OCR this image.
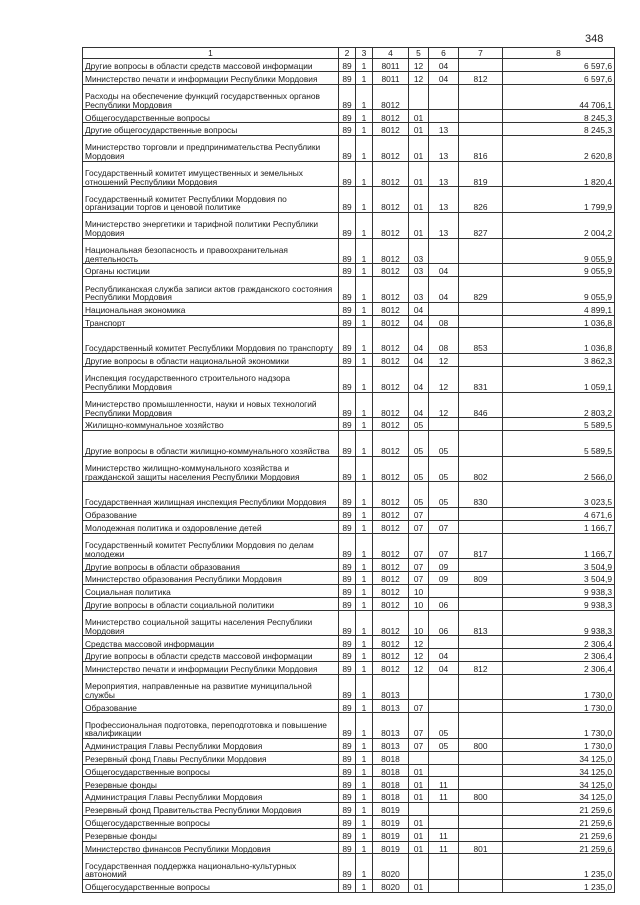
348
1	2	3	4	5	6	7	8
Другие вопросы в области средств массовой информации	89	1	8011	12	04		6 597,6
Министерство печати и информации Республики Мордовия	89	1	8011	12	04	812	6 597,6
Расходы на обеспечение функций государственных органов Республики Мордовия	89	1	8012				44 706,1
Общегосударственные вопросы	89	1	8012	01			8 245,3
Другие общегосударственные вопросы	89	1	8012	01	13		8 245,3
Министерство торговли и предпринимательства Республики Мордовия	89	1	8012	01	13	816	2 620,8
Государственный комитет имущественных и земельных отношений Республики Мордовия	89	1	8012	01	13	819	1 820,4
Государственный комитет Республики Мордовия по организации торгов и ценовой политике	89	1	8012	01	13	826	1 799,9
Министерство энергетики и тарифной политики Республики Мордовия	89	1	8012	01	13	827	2 004,2
Национальная безопасность и правоохранительная деятельность	89	1	8012	03			9 055,9
Органы юстиции	89	1	8012	03	04		9 055,9
Республиканская служба записи актов гражданского состояния Республики Мордовия	89	1	8012	03	04	829	9 055,9
Национальная экономика	89	1	8012	04			4 899,1
Транспорт	89	1	8012	04	08		1 036,8
Государственный комитет Республики Мордовия по транспорту	89	1	8012	04	08	853	1 036,8
Другие вопросы в области национальной экономики	89	1	8012	04	12		3 862,3
Инспекция государственного строительного надзора Республики Мордовия	89	1	8012	04	12	831	1 059,1
Министерство промышленности, науки и новых технологий Республики Мордовия	89	1	8012	04	12	846	2 803,2
Жилищно-коммунальное хозяйство	89	1	8012	05			5 589,5
Другие вопросы в области жилищно-коммунального хозяйства	89	1	8012	05	05		5 589,5
Министерство жилищно-коммунального хозяйства и гражданской защиты населения Республики Мордовия	89	1	8012	05	05	802	2 566,0
Государственная жилищная инспекция Республики Мордовия	89	1	8012	05	05	830	3 023,5
Образование	89	1	8012	07			4 671,6
Молодежная политика и оздоровление детей	89	1	8012	07	07		1 166,7
Государственный комитет Республики Мордовия по делам молодежи	89	1	8012	07	07	817	1 166,7
Другие вопросы в области образования	89	1	8012	07	09		3 504,9
Министерство образования Республики Мордовия	89	1	8012	07	09	809	3 504,9
Социальная политика	89	1	8012	10			9 938,3
Другие вопросы в области социальной политики	89	1	8012	10	06		9 938,3
Министерство социальной защиты населения Республики Мордовия	89	1	8012	10	06	813	9 938,3
Средства массовой информации	89	1	8012	12			2 306,4
Другие вопросы в области средств массовой информации	89	1	8012	12	04		2 306,4
Министерство печати и информации Республики Мордовия	89	1	8012	12	04	812	2 306,4
Мероприятия, направленные на развитие муниципальной службы	89	1	8013				1 730,0
Образование	89	1	8013	07			1 730,0
Профессиональная подготовка, переподготовка и повышение квалификации	89	1	8013	07	05		1 730,0
Администрация Главы Республики Мордовия	89	1	8013	07	05	800	1 730,0
Резервный фонд Главы Республики Мордовия	89	1	8018				34 125,0
Общегосударственные вопросы	89	1	8018	01			34 125,0
Резервные фонды	89	1	8018	01	11		34 125,0
Администрация Главы Республики Мордовия	89	1	8018	01	11	800	34 125,0
Резервный фонд Правительства Республики Мордовия	89	1	8019				21 259,6
Общегосударственные вопросы	89	1	8019	01			21 259,6
Резервные фонды	89	1	8019	01	11		21 259,6
Министерство финансов Республики Мордовия	89	1	8019	01	11	801	21 259,6
Государственная поддержка национально-культурных автономий	89	1	8020				1 235,0
Общегосударственные вопросы	89	1	8020	01			1 235,0
